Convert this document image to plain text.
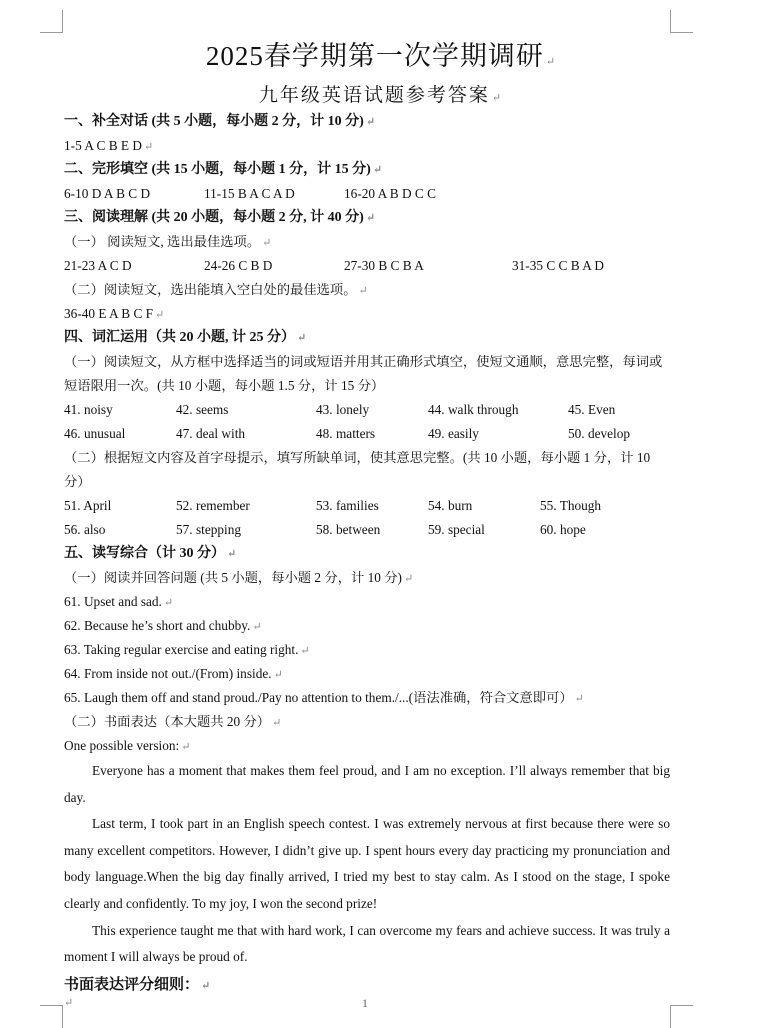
2025春学期第一次学期调研 ↵
九年级英语试题参考答案 ↵
一、补全对话 (共 5 小题，每小题 2 分，计 10 分) ↵
1-5 A C B E D ↵
二、完形填空 (共 15 小题，每小题 1 分，计 15 分) ↵
6-10 D A B C D	11-15 B A C A D	16-20 A B D C C
三、阅读理解 (共 20 小题，每小题 2 分, 计 40 分) ↵
（一） 阅读短文, 选出最佳选项。 ↵
21-23 A C D	24-26 C B D	27-30 B C B A	31-35 C C B A D
（二）阅读短文，选出能填入空白处的最佳选项。 ↵
36-40 E A B C F ↵
四、词汇运用（共 20 小题, 计 25 分） ↵
（一）阅读短文，从方框中选择适当的词或短语并用其正确形式填空，使短文通顺，意思完整，每词或短语限用一次。(共 10 小题，每小题 1.5 分，计 15 分）
41. noisy	42. seems	43. lonely	44. walk through	45. Even
46. unusual	47. deal with	48. matters	49. easily	50. develop
（二）根据短文内容及首字母提示，填写所缺单词，使其意思完整。(共 10 小题，每小题 1 分，计 10 分）
51. April	52. remember	53. families	54. burn	55. Though
56. also	57. stepping	58. between	59. special	60. hope
五、读写综合（计 30 分） ↵
（一）阅读并回答问题 (共 5 小题，每小题 2 分，计 10 分) ↵
61. Upset and sad. ↵
62. Because he’s short and chubby. ↵
63. Taking regular exercise and eating right. ↵
64. From inside not out./(From) inside. ↵
65. Laugh them off and stand proud./Pay no attention to them./...(语法准确，符合文意即可） ↵
（二）书面表达（本大题共 20 分） ↵
One possible version: ↵
Everyone has a moment that makes them feel proud, and I am no exception. I’ll always remember that big day.
Last term, I took part in an English speech contest. I was extremely nervous at first because there were so many excellent competitors. However, I didn’t give up. I spent hours every day practicing my pronunciation and body language.When the big day finally arrived, I tried my best to stay calm. As I stood on the stage, I spoke clearly and confidently. To my joy, I won the second prize!
This experience taught me that with hard work, I can overcome my fears and achieve success. It was truly a moment I will always be proud of.
书面表达评分细则： ↵
↵	1
